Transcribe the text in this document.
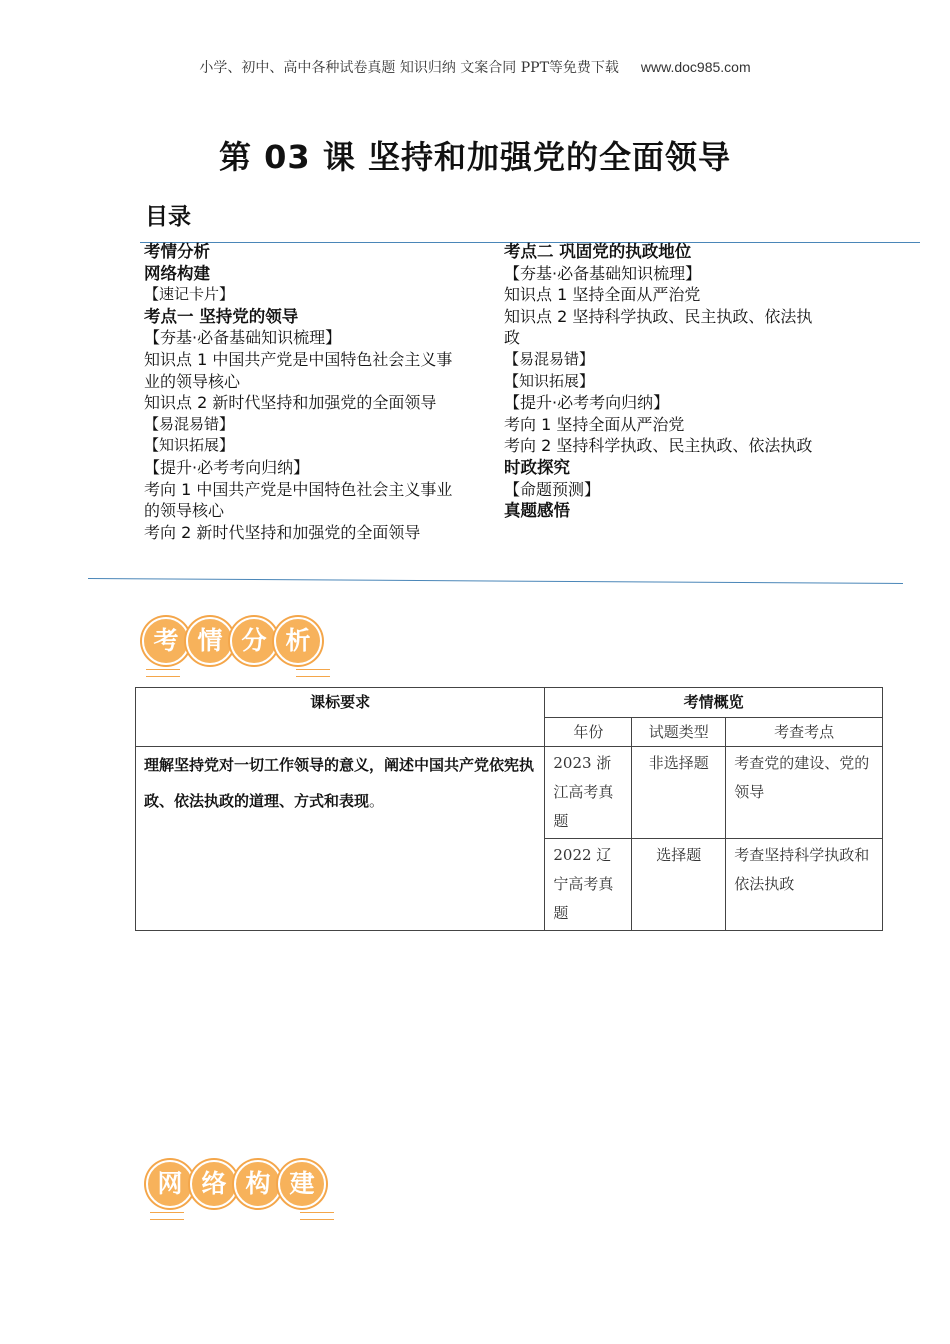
小学、初中、高中各种试卷真题 知识归纳 文案合同 PPT等免费下载 www.doc985.com
第 03 课 坚持和加强党的全面领导
目录
考情分析
网络构建
【速记卡片】
考点一 坚持党的领导
【夯基·必备基础知识梳理】
知识点 1 中国共产党是中国特色社会主义事业的领导核心
知识点 2 新时代坚持和加强党的全面领导
【易混易错】
【知识拓展】
【提升·必考考向归纳】
考向 1 中国共产党是中国特色社会主义事业的领导核心
考向 2 新时代坚持和加强党的全面领导
考点二 巩固党的执政地位
【夯基·必备基础知识梳理】
知识点 1 坚持全面从严治党
知识点 2 坚持科学执政、民主执政、依法执政
【易混易错】
【知识拓展】
【提升·必考考向归纳】
考向 1 坚持全面从严治党
考向 2 坚持科学执政、民主执政、依法执政
时政探究
【命题预测】
真题感悟
考 情 分 析
课标要求	考情概览		
	年份	试题类型	考查考点
理解坚持党对一切工作领导的意义，阐述中国共产党依宪执政、依法执政的道理、方式和表现。	2023 浙江高考真题	非选择题	考查党的建设、党的领导
	2022 辽宁高考真题	选择题	考查坚持科学执政和依法执政
网 络 构 建
